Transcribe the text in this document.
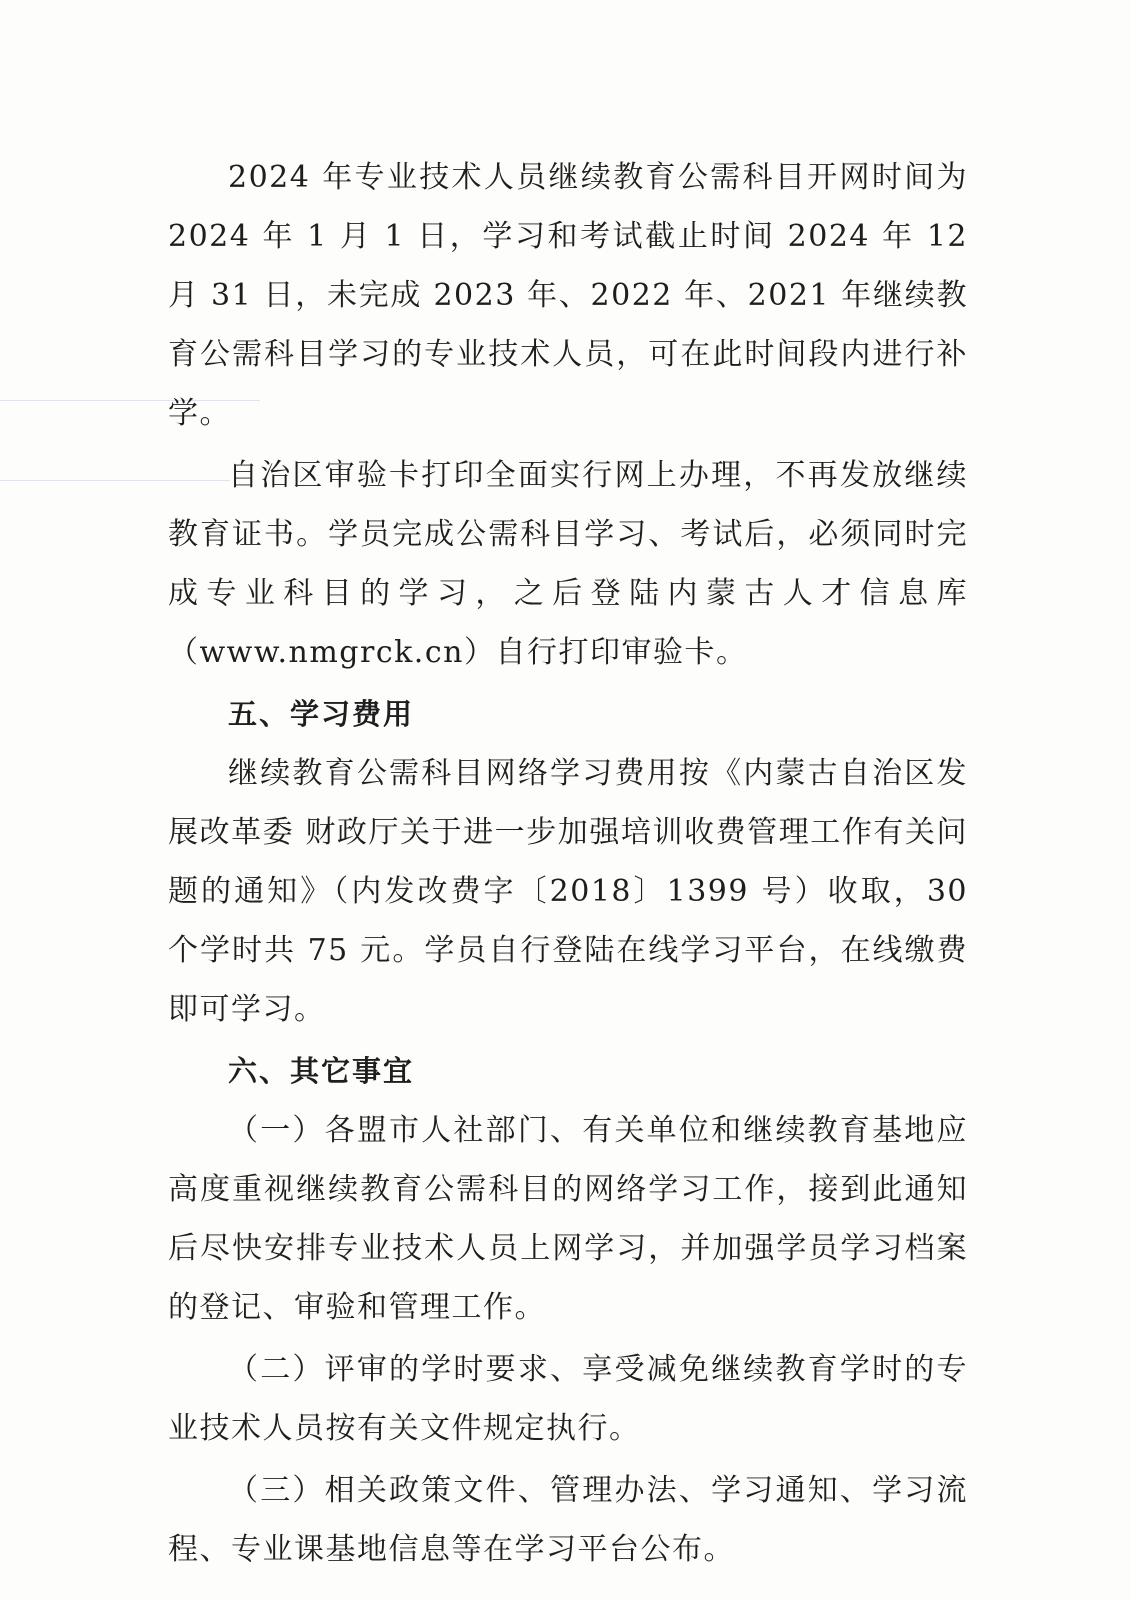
2024 年专业技术人员继续教育公需科目开网时间为 2024 年 1 月 1 日，学习和考试截止时间 2024 年 12 月 31 日，未完成 2023 年、2022 年、2021 年继续教育公需科目学习的专业技术人员，可在此时间段内进行补学。

自治区审验卡打印全面实行网上办理，不再发放继续教育证书。学员完成公需科目学习、考试后，必须同时完成专业科目的学习，之后登陆内蒙古人才信息库（www.nmgrck.cn）自行打印审验卡。

五、学习费用

继续教育公需科目网络学习费用按《内蒙古自治区发展改革委 财政厅关于进一步加强培训收费管理工作有关问题的通知》（内发改费字〔2018〕1399 号）收取，30 个学时共 75 元。学员自行登陆在线学习平台，在线缴费即可学习。

六、其它事宜

（一）各盟市人社部门、有关单位和继续教育基地应高度重视继续教育公需科目的网络学习工作，接到此通知后尽快安排专业技术人员上网学习，并加强学员学习档案的登记、审验和管理工作。

（二）评审的学时要求、享受减免继续教育学时的专业技术人员按有关文件规定执行。

（三）相关政策文件、管理办法、学习通知、学习流程、专业课基地信息等在学习平台公布。
